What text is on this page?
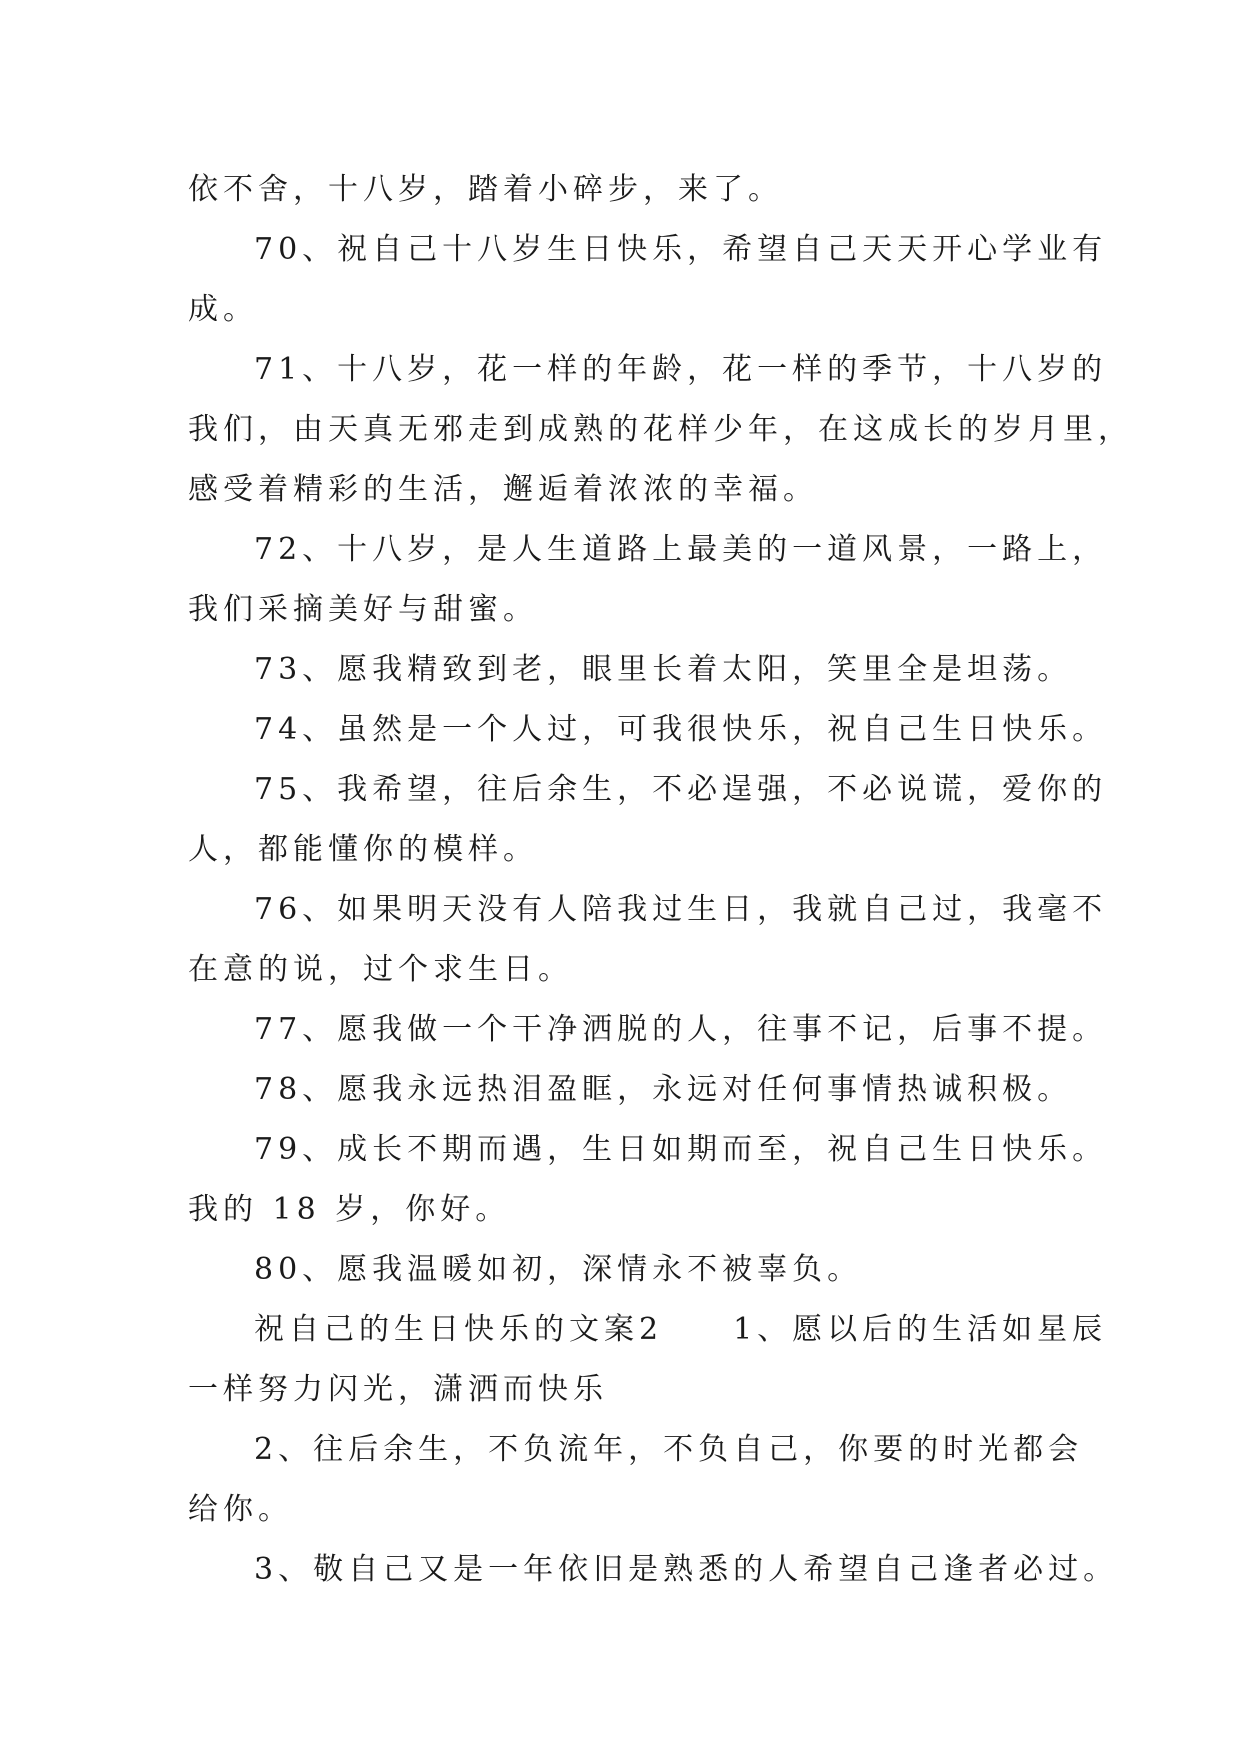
依不舍，十八岁，踏着小碎步，来了。

70、祝自己十八岁生日快乐，希望自己天天开心学业有

成。

71、十八岁，花一样的年龄，花一样的季节，十八岁的

我们，由天真无邪走到成熟的花样少年，在这成长的岁月里，

感受着精彩的生活，邂逅着浓浓的幸福。

72、十八岁，是人生道路上最美的一道风景，一路上，

我们采摘美好与甜蜜。

73、愿我精致到老，眼里长着太阳，笑里全是坦荡。

74、虽然是一个人过，可我很快乐，祝自己生日快乐。

75、我希望，往后余生，不必逞强，不必说谎，爱你的

人，都能懂你的模样。

76、如果明天没有人陪我过生日，我就自己过，我毫不

在意的说，过个求生日。

77、愿我做一个干净洒脱的人，往事不记，后事不提。

78、愿我永远热泪盈眶，永远对任何事情热诚积极。

79、成长不期而遇，生日如期而至，祝自己生日快乐。

我的 18 岁，你好。

80、愿我温暖如初，深情永不被辜负。

祝自己的生日快乐的文案2　　1、愿以后的生活如星辰

一样努力闪光，潇洒而快乐

2、往后余生，不负流年，不负自己，你要的时光都会

给你。

3、敬自己又是一年依旧是熟悉的人希望自己逢者必过。
